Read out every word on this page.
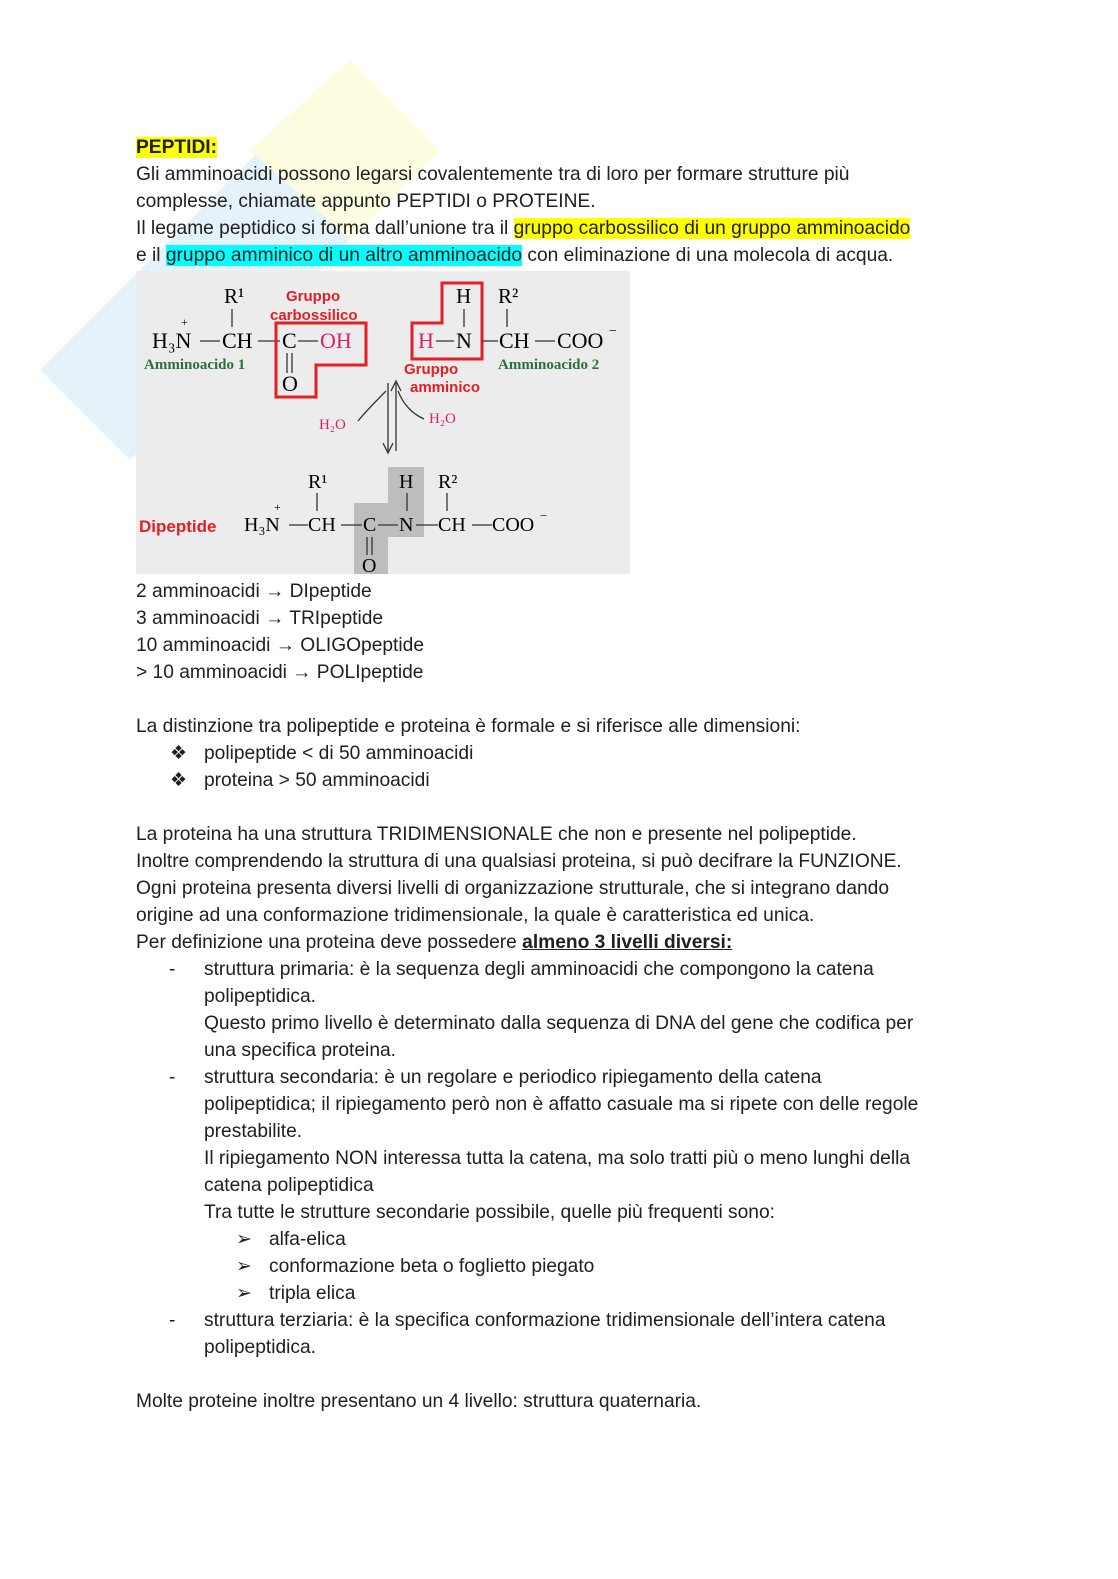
PEPTIDI:

Gli amminoacidi possono legarsi covalentemente tra di loro per formare strutture più

complesse, chiamate appunto PEPTIDI o PROTEINE.

Il legame peptidico si forma dall’unione tra il gruppo carbossilico di un gruppo amminoacido

e il gruppo amminico di un altro amminoacido con eliminazione di una molecola di acqua.

R¹
+
H₃N CH C OH
O
Gruppo
carbossilico
Amminoacido 1
H
H N
R²
CH COO −
Gruppo
amminico
Amminoacido 2
H₂O	H₂O
Dipeptide
R¹
+
H₃N CH C
O
H
N
R²
CH COO −

2 amminoacidi → DIpeptide

3 amminoacidi → TRIpeptide

10 amminoacidi → OLIGOpeptide

> 10 amminoacidi → POLIpeptide

La distinzione tra polipeptide e proteina è formale e si riferisce alle dimensioni:

❖ polipeptide < di 50 amminoacidi
❖ proteina > 50 amminoacidi

La proteina ha una struttura TRIDIMENSIONALE che non e presente nel polipeptide.

Inoltre comprendendo la struttura di una qualsiasi proteina, si può decifrare la FUNZIONE.

Ogni proteina presenta diversi livelli di organizzazione strutturale, che si integrano dando

origine ad una conformazione tridimensionale, la quale è caratteristica ed unica.

Per definizione una proteina deve possedere almeno 3 livelli diversi:

- struttura primaria: è la sequenza degli amminoacidi che compongono la catena

polipeptidica.

Questo primo livello è determinato dalla sequenza di DNA del gene che codifica per

una specifica proteina.

- struttura secondaria: è un regolare e periodico ripiegamento della catena

polipeptidica; il ripiegamento però non è affatto casuale ma si ripete con delle regole

prestabilite.

Il ripiegamento NON interessa tutta la catena, ma solo tratti più o meno lunghi della

catena polipeptidica

Tra tutte le strutture secondarie possibile, quelle più frequenti sono:

➢ alfa-elica
➢ conformazione beta o foglietto piegato
➢ tripla elica
- struttura terziaria: è la specifica conformazione tridimensionale dell’intera catena

polipeptidica.

Molte proteine inoltre presentano un 4 livello: struttura quaternaria.
